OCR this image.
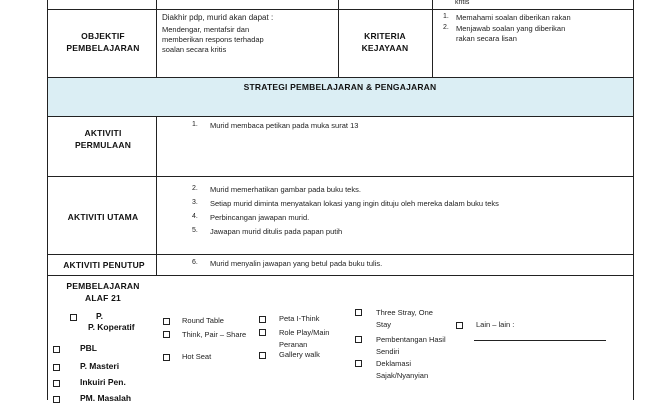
OBJEKTIF PEMBELAJARAN
Diakhir pdp, murid akan dapat :
Mendengar, mentafsir dan
memberikan respons terhadap
soalan secara kritis
KRITERIA KEJAYAAN
kritis
1. Memahami soalan diberikan rakan
2. Menjawab soalan yang diberikan
rakan secara lisan
STRATEGI PEMBELAJARAN & PENGAJARAN
AKTIVITI PERMULAAN
1. Murid membaca petikan pada muka surat 13
AKTIVITI UTAMA
2. Murid memerhatikan gambar pada buku teks.
3. Setiap murid diminta menyatakan lokasi yang ingin dituju oleh mereka dalam buku teks
4. Perbincangan jawapan murid.
5. Jawapan murid ditulis pada papan putih
AKTIVITI PENUTUP	6. Murid menyalin jawapan yang betul pada buku tulis.
PEMBELAJARAN ALAF 21
P.
P. Koperatif
PBL
P. Masteri
Inkuiri Pen.
PM. Masalah
Round Table
Think, Pair – Share
Hot Seat
Peta I-Think
Role Play/Main Peranan
Gallery walk
Three Stray, One Stay
Pembentangan Hasil Sendiri
Deklamasi Sajak/Nyanyian
Lain – lain :
